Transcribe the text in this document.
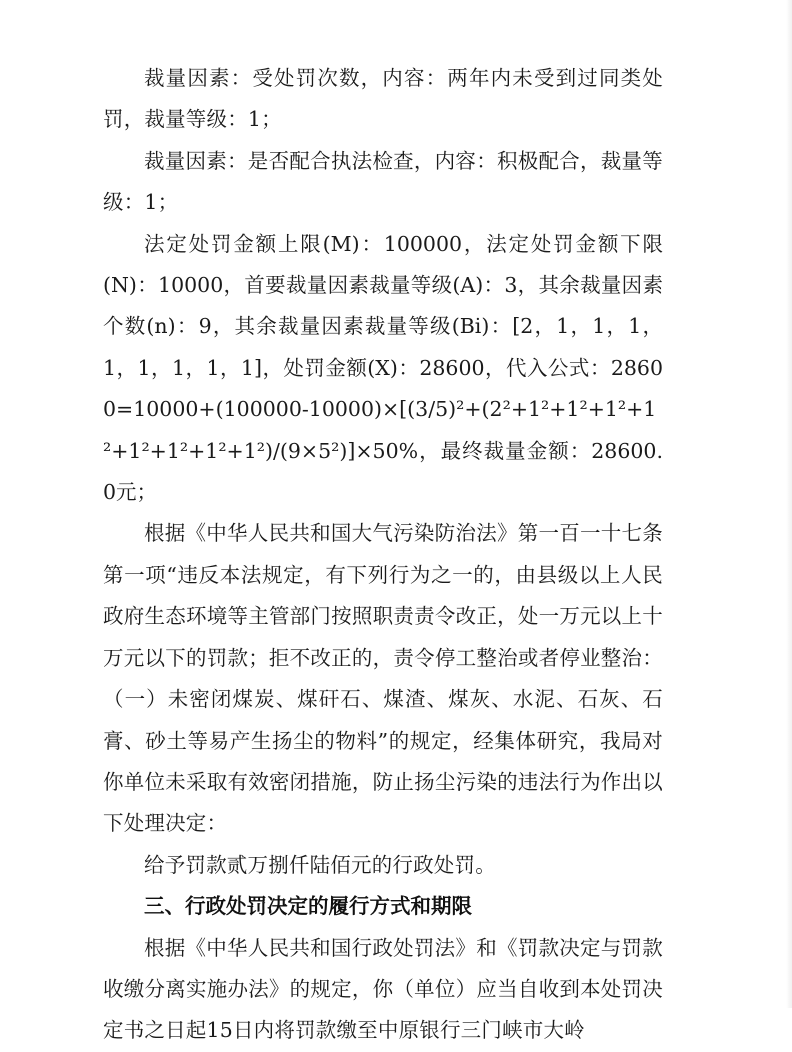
裁量因素：受处罚次数，内容：两年内未受到过同类处罚，裁量等级：1；

裁量因素：是否配合执法检查，内容：积极配合，裁量等级：1；

法定处罚金额上限(M)：100000，法定处罚金额下限(N)：10000，首要裁量因素裁量等级(A)：3，其余裁量因素个数(n)：9，其余裁量因素裁量等级(Bi)：[2，1，1，1，1，1，1，1，1]，处罚金额(X)：28600，代入公式：28600=10000+(100000-10000)×[(3/5)²+(2²+1²+1²+1²+1²+1²+1²+1²+1²)/(9×5²)]×50%，最终裁量金额：28600.0元；

根据《中华人民共和国大气污染防治法》第一百一十七条第一项“违反本法规定，有下列行为之一的，由县级以上人民政府生态环境等主管部门按照职责责令改正，处一万元以上十万元以下的罚款；拒不改正的，责令停工整治或者停业整治：（一）未密闭煤炭、煤矸石、煤渣、煤灰、水泥、石灰、石膏、砂土等易产生扬尘的物料”的规定，经集体研究，我局对你单位未采取有效密闭措施，防止扬尘污染的违法行为作出以下处理决定：

给予罚款贰万捌仟陆佰元的行政处罚。

三、行政处罚决定的履行方式和期限

根据《中华人民共和国行政处罚法》和《罚款决定与罚款收缴分离实施办法》的规定，你（单位）应当自收到本处罚决定书之日起15日内将罚款缴至中原银行三门峡市大岭
